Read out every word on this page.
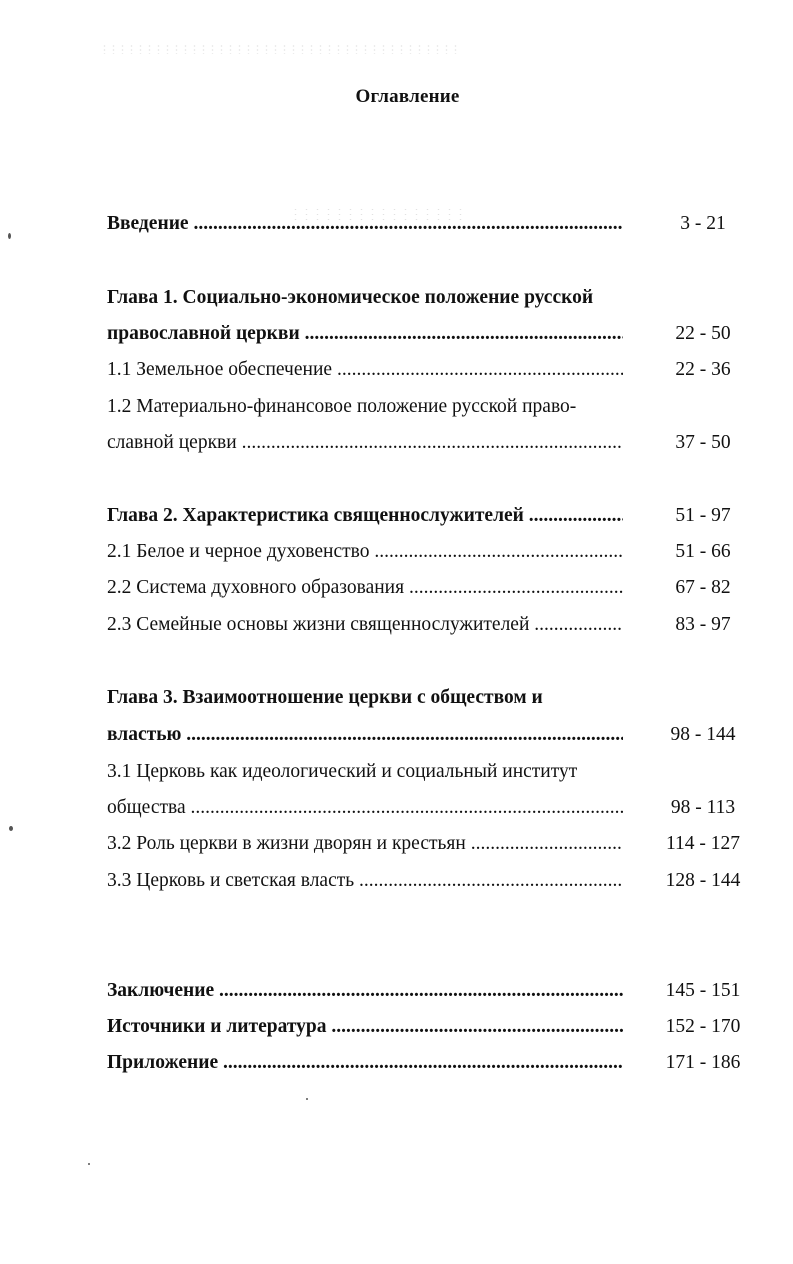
Оглавление
Введение .....	3 - 21
Глава 1. Социально-экономическое положение русской
православной церкви .....	22 - 50
1.1 Земельное обеспечение .....	22 - 36
1.2 Материально-финансовое положение русской право-
славной церкви .....	37 - 50
Глава 2. Характеристика священнослужителей .....	51 - 97
2.1 Белое и черное духовенство .....	51 - 66
2.2 Система духовного образования .....	67 - 82
2.3 Семейные основы жизни священнослужителей .....	83 - 97
Глава 3. Взаимоотношение церкви с обществом и
властью .....	98 - 144
3.1 Церковь как идеологический и социальный институт
общества .....	98 - 113
3.2 Роль церкви в жизни дворян и крестьян .....	114 - 127
3.3 Церковь и светская власть .....	128 - 144
Заключение .....	145 - 151
Источники и литература .....	152 - 170
Приложение .....	171 - 186
